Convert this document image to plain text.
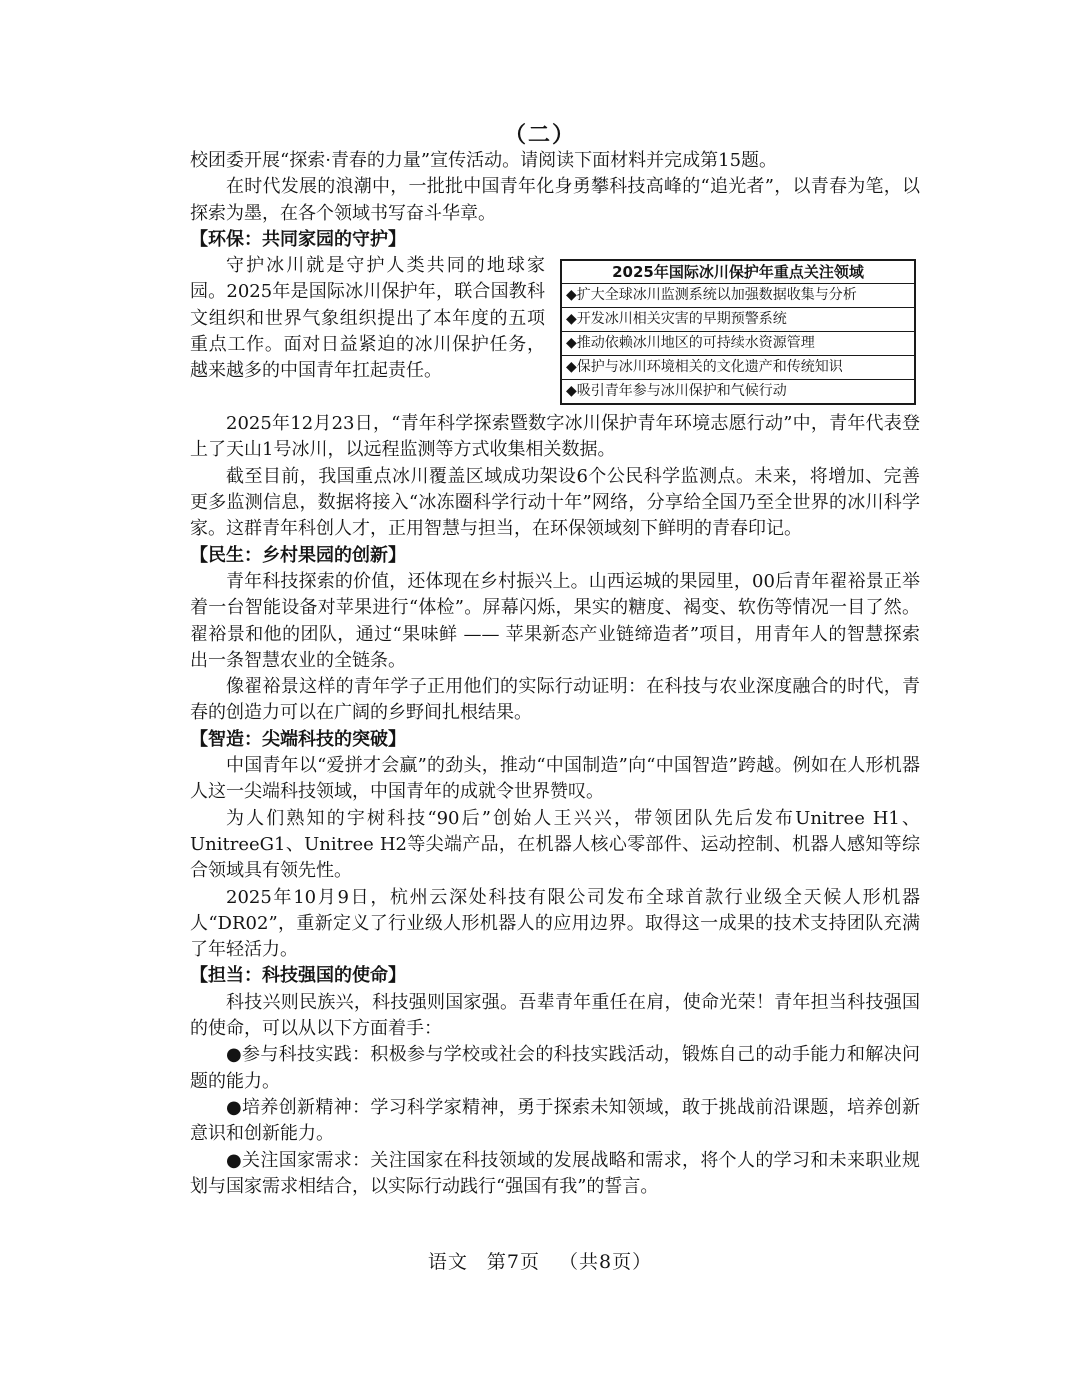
（二）

校团委开展“探索·青春的力量”宣传活动。请阅读下面材料并完成第15题。

在时代发展的浪潮中，一批批中国青年化身勇攀科技高峰的“追光者”，以青春为笔，以探索为墨，在各个领域书写奋斗华章。

【环保：共同家园的守护】

守护冰川就是守护人类共同的地球家园。2025年是国际冰川保护年，联合国教科文组织和世界气象组织提出了本年度的五项重点工作。面对日益紧迫的冰川保护任务，越来越多的中国青年扛起责任。

2025年国际冰川保护年重点关注领域
◆扩大全球冰川监测系统以加强数据收集与分析
◆开发冰川相关灾害的早期预警系统
◆推动依赖冰川地区的可持续水资源管理
◆保护与冰川环境相关的文化遗产和传统知识
◆吸引青年参与冰川保护和气候行动

2025年12月23日，“青年科学探索暨数字冰川保护青年环境志愿行动”中，青年代表登上了天山1号冰川，以远程监测等方式收集相关数据。

截至目前，我国重点冰川覆盖区域成功架设6个公民科学监测点。未来，将增加、完善更多监测信息，数据将接入“冰冻圈科学行动十年”网络，分享给全国乃至全世界的冰川科学家。这群青年科创人才，正用智慧与担当，在环保领域刻下鲜明的青春印记。

【民生：乡村果园的创新】

青年科技探索的价值，还体现在乡村振兴上。山西运城的果园里，00后青年翟裕景正举着一台智能设备对苹果进行“体检”。屏幕闪烁，果实的糖度、褐变、软伤等情况一目了然。翟裕景和他的团队，通过“果味鲜 —— 苹果新态产业链缔造者”项目，用青年人的智慧探索出一条智慧农业的全链条。

像翟裕景这样的青年学子正用他们的实际行动证明：在科技与农业深度融合的时代，青春的创造力可以在广阔的乡野间扎根结果。

【智造：尖端科技的突破】

中国青年以“爱拼才会赢”的劲头，推动“中国制造”向“中国智造”跨越。例如在人形机器人这一尖端科技领域，中国青年的成就令世界赞叹。

为人们熟知的宇树科技“90后”创始人王兴兴，带领团队先后发布Unitree H1、UnitreeG1、Unitree H2等尖端产品，在机器人核心零部件、运动控制、机器人感知等综合领域具有领先性。

2025年10月9日，杭州云深处科技有限公司发布全球首款行业级全天候人形机器人“DR02”，重新定义了行业级人形机器人的应用边界。取得这一成果的技术支持团队充满了年轻活力。

【担当：科技强国的使命】

科技兴则民族兴，科技强则国家强。吾辈青年重任在肩，使命光荣！青年担当科技强国的使命，可以从以下方面着手：

●参与科技实践：积极参与学校或社会的科技实践活动，锻炼自己的动手能力和解决问题的能力。

●培养创新精神：学习科学家精神，勇于探索未知领域，敢于挑战前沿课题，培养创新意识和创新能力。

●关注国家需求：关注国家在科技领域的发展战略和需求，将个人的学习和未来职业规划与国家需求相结合，以实际行动践行“强国有我”的誓言。

语文 第7页 （共8页）
